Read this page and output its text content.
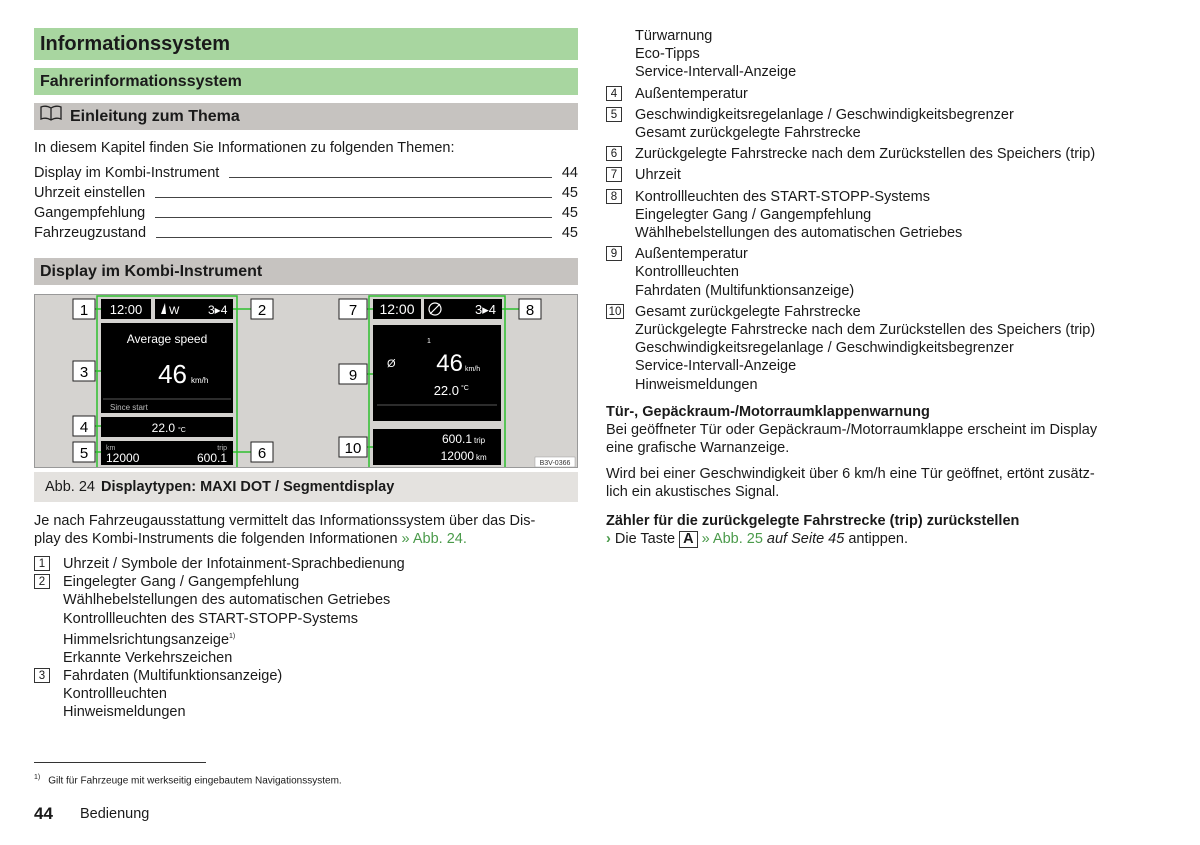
Informationssystem
Fahrerinformationssystem
Einleitung zum Thema
In diesem Kapitel finden Sie Informationen zu folgenden Themen:
Display im Kombi-Instrument	44
Uhrzeit einstellen	45
Gangempfehlung	45
Fahrzeugzustand	45
Display im Kombi-Instrument
12:00 W 3▸4
Average speed
46 km/h
Since start
22.0 °C
km	trip
12000	600.1
12:00	3▸4
1
Ø 46 km/h
22.0 °C
600.1 trip
12000 km
1	2
3
4
5	6
7	8
9
10
B3V-0366
Abb. 24 Displaytypen: MAXI DOT / Segmentdisplay
Je nach Fahrzeugausstattung vermittelt das Informationssystem über das Dis-
play des Kombi-Instruments die folgenden Informationen » Abb. 24.
1	Uhrzeit / Symbole der Infotainment-Sprachbedienung
2	Eingelegter Gang / Gangempfehlung
Wählhebelstellungen des automatischen Getriebes
Kontrollleuchten des START-STOPP-Systems
Himmelsrichtungsanzeige$^{1)}$
Erkannte Verkehrszeichen
3	Fahrdaten (Multifunktionsanzeige)
Kontrollleuchten
Hinweismeldungen
Türwarnung
Eco-Tipps
Service-Intervall-Anzeige
4	Außentemperatur
5	Geschwindigkeitsregelanlage / Geschwindigkeitsbegrenzer
Gesamt zurückgelegte Fahrstrecke
6	Zurückgelegte Fahrstrecke nach dem Zurückstellen des Speichers (trip)
7	Uhrzeit
8	Kontrollleuchten des START-STOPP-Systems
Eingelegter Gang / Gangempfehlung
Wählhebelstellungen des automatischen Getriebes
9	Außentemperatur
Kontrollleuchten
Fahrdaten (Multifunktionsanzeige)
10 Gesamt zurückgelegte Fahrstrecke
Zurückgelegte Fahrstrecke nach dem Zurückstellen des Speichers (trip)
Geschwindigkeitsregelanlage / Geschwindigkeitsbegrenzer
Service-Intervall-Anzeige
Hinweismeldungen
Tür-, Gepäckraum-/Motorraumklappenwarnung
Bei geöffneter Tür oder Gepäckraum-/Motorraumklappe erscheint im Display
eine grafische Warnanzeige.
Wird bei einer Geschwindigkeit über 6 km/h eine Tür geöffnet, ertönt zusätz-
lich ein akustisches Signal.
Zähler für die zurückgelegte Fahrstrecke (trip) zurückstellen
› Die Taste A » Abb. 25 auf Seite 45 antippen.
$^{1)}$ Gilt für Fahrzeuge mit werkseitig eingebautem Navigationssystem.
44 Bedienung
